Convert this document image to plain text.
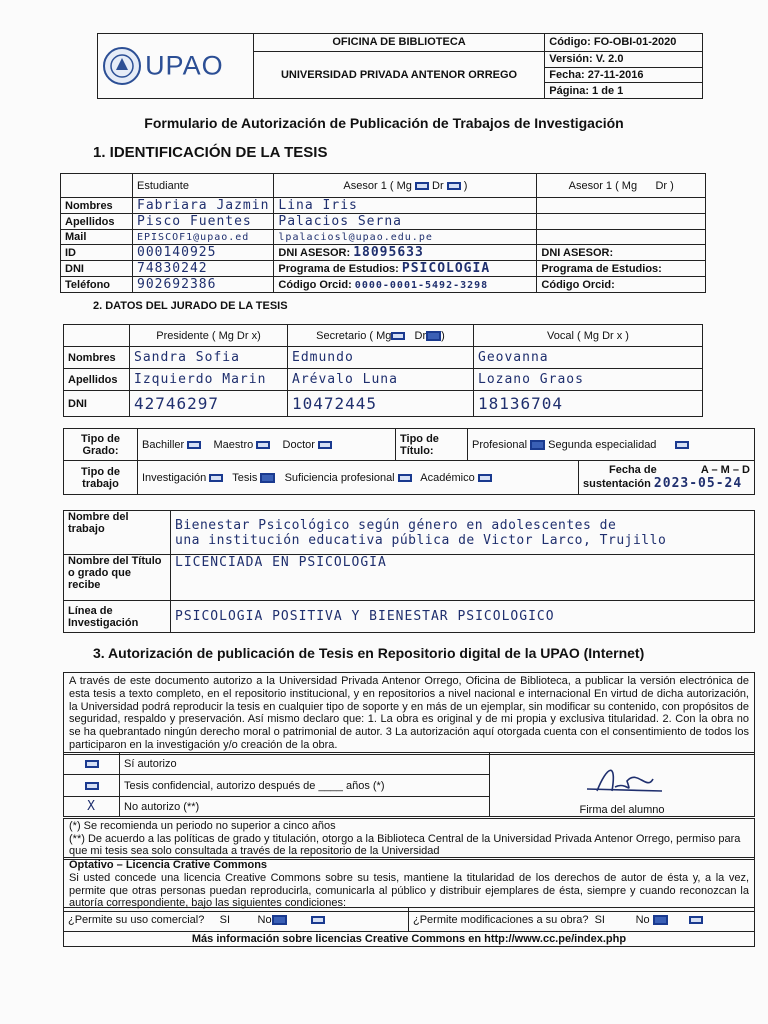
UPAO	OFICINA DE BIBLIOTECA	Código: FO-OBI-01-2020
	UNIVERSIDAD PRIVADA ANTENOR ORREGO	Versión: V. 2.0
		Fecha: 27-11-2016
		Página: 1 de 1
Formulario de Autorización de Publicación de Trabajos de Investigación
1. IDENTIFICACIÓN DE LA TESIS
	Estudiante	Asesor 1 ( Mg Dr  )	Asesor 1 ( Mg Dr )
Nombres	Fabriara Jazmin	Lina Iris	
Apellidos	Pisco Fuentes	Palacios Serna	
Mail	EPISCOF1@upao.ed	lpalaciosl@upao.edu.pe	
ID	000140925	DNI ASESOR: 18095633	DNI ASESOR:
DNI	74830242	Programa de Estudios: PSICOLOGIA	Programa de Estudios:
Teléfono	902692386	Código Orcid: 0000-0001-5492-3298	Código Orcid:
2. DATOS DEL JURADO DE LA TESIS
	Presidente ( Mg Dr x)	Secretario ( Mg Dr )	Vocal ( Mg Dr x )
Nombres	Sandra Sofia	Edmundo	Geovanna
Apellidos	Izquierdo Marin	Arévalo Luna	Lozano Graos
DNI	42746297	10472445	18136704
Tipo de Grado:	Bachiller Maestro Doctor	Tipo de Título:	Profesional Segunda especialidad	
Tipo de trabajo	Investigación Tesis Suficiencia profesional Académico			Fecha de A – M – D
sustentación 2023-05-24
Nombre del trabajo	Bienestar Psicológico según género en adolescentes de
una institución educativa pública de Victor Larco, Trujillo

Nombre del Título o grado que recibe	LICENCIADA EN PSICOLOGIA
Línea de Investigación	PSICOLOGIA POSITIVA Y BIENESTAR PSICOLOGICO
3. Autorización de publicación de Tesis en Repositorio digital de la UPAO (Internet)
A través de este documento autorizo a la Universidad Privada Antenor Orrego, Oficina de Biblioteca, a publicar la versión electrónica de esta tesis a texto completo, en el repositorio institucional, y en repositorios a nivel nacional e internacional En virtud de dicha autorización, la Universidad podrá reproducir la tesis en cualquier tipo de soporte y en más de un ejemplar, sin modificar su contenido, con propósitos de seguridad, respaldo y preservación. Así mismo declaro que: 1. La obra es original y de mi propia y exclusiva titularidad. 2. Con la obra no se ha quebrantado ningún derecho moral o patrimonial de autor. 3 La autorización aquí otorgada cuenta con el consentimiento de todos los participaron en la investigación y/o creación de la obra.
	Sí autorizo	Firma del alumno

	Tesis confidencial, autorizo después de ____ años (*)	
X	No autorizo (**)	
(*) Se recomienda un periodo no superior a cinco años
(**) De acuerdo a las políticas de grado y titulación, otorgo a la Biblioteca Central de la Universidad Privada Antenor Orrego, permiso para que mi tesis sea solo consultada a través de la repositorio de la Universidad
Optativo – Licencia Crative Commons
Si usted concede una licencia Creative Commons sobre su tesis, mantiene la titularidad de los derechos de autor de ésta y, a la vez, permite que otras personas puedan reproducirla, comunicarla al público y distribuir ejemplares de ésta, siempre y cuando reconozcan la autoría correspondiente, bajo las siguientes condiciones:
¿Permite su uso comercial? SI	No	¿Permite modificaciones a su obra? SI	No
Más información sobre licencias Creative Commons en http://www.cc.pe/index.php
